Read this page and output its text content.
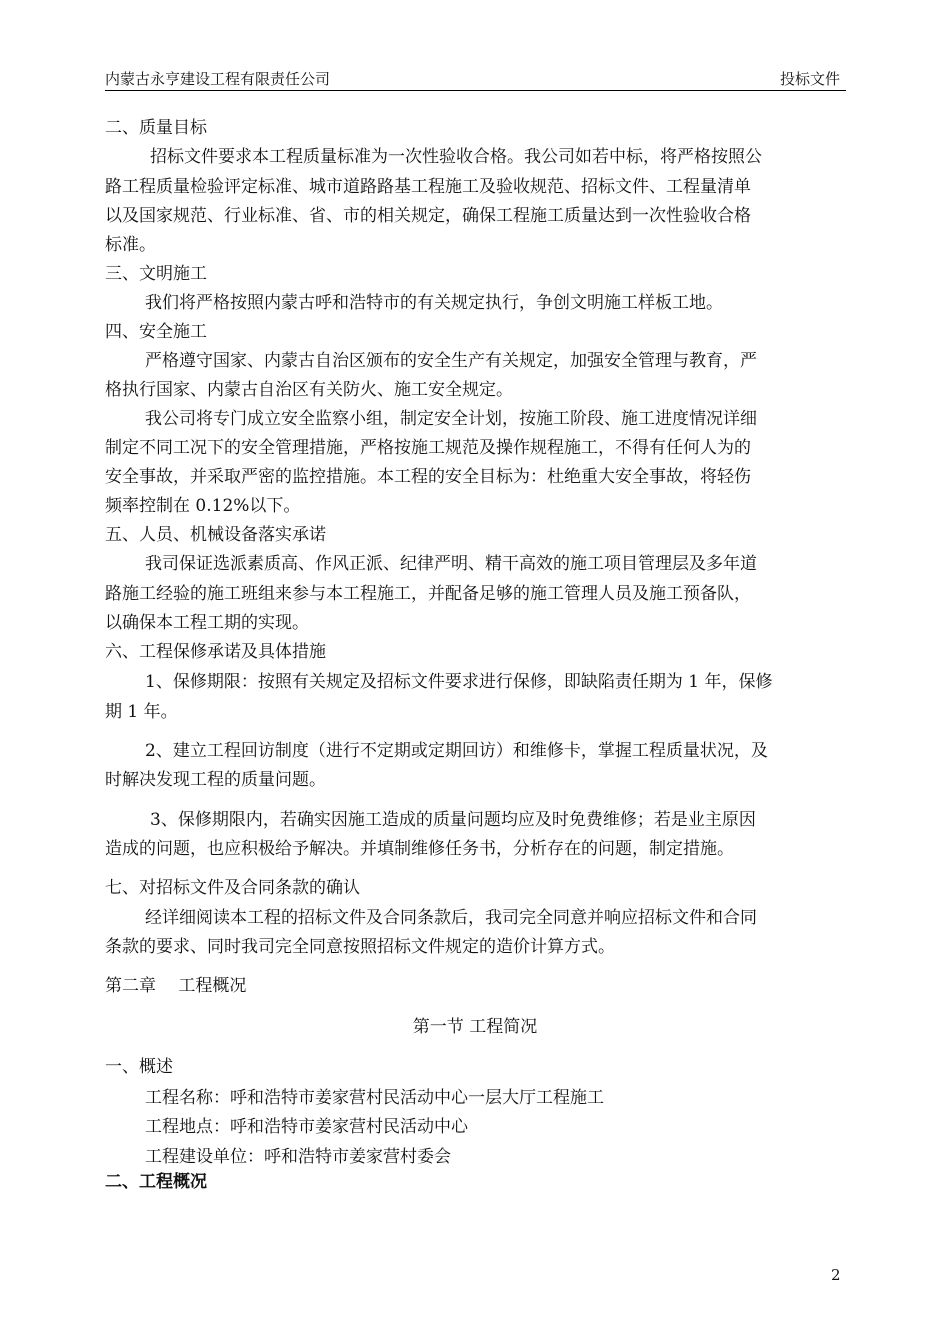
内蒙古永亨建设工程有限责任公司	投标文件
二、质量目标
招标文件要求本工程质量标准为一次性验收合格。我公司如若中标，将严格按照公
路工程质量检验评定标准、城市道路路基工程施工及验收规范、招标文件、工程量清单
以及国家规范、行业标准、省、市的相关规定，确保工程施工质量达到一次性验收合格
标准。
三、文明施工
我们将严格按照内蒙古呼和浩特市的有关规定执行，争创文明施工样板工地。
四、安全施工
严格遵守国家、内蒙古自治区颁布的安全生产有关规定，加强安全管理与教育，严
格执行国家、内蒙古自治区有关防火、施工安全规定。
我公司将专门成立安全监察小组，制定安全计划，按施工阶段、施工进度情况详细
制定不同工况下的安全管理措施，严格按施工规范及操作规程施工，不得有任何人为的
安全事故，并采取严密的监控措施。本工程的安全目标为：杜绝重大安全事故，将轻伤
频率控制在 0.12%以下。
五、人员、机械设备落实承诺
我司保证选派素质高、作风正派、纪律严明、精干高效的施工项目管理层及多年道
路施工经验的施工班组来参与本工程施工，并配备足够的施工管理人员及施工预备队，
以确保本工程工期的实现。
六、工程保修承诺及具体措施
1、保修期限：按照有关规定及招标文件要求进行保修，即缺陷责任期为 1 年，保修
期 1 年。
2、建立工程回访制度（进行不定期或定期回访）和维修卡，掌握工程质量状况，及
时解决发现工程的质量问题。
3、保修期限内，若确实因施工造成的质量问题均应及时免费维修；若是业主原因
造成的问题，也应积极给予解决。并填制维修任务书，分析存在的问题，制定措施。
七、对招标文件及合同条款的确认
经详细阅读本工程的招标文件及合同条款后，我司完全同意并响应招标文件和合同
条款的要求、同时我司完全同意按照招标文件规定的造价计算方式。
第二章　 工程概况
第一节 工程简况
一、概述
工程名称：呼和浩特市姜家营村民活动中心一层大厅工程施工
工程地点：呼和浩特市姜家营村民活动中心
工程建设单位：呼和浩特市姜家营村委会
二、工程概况
2
